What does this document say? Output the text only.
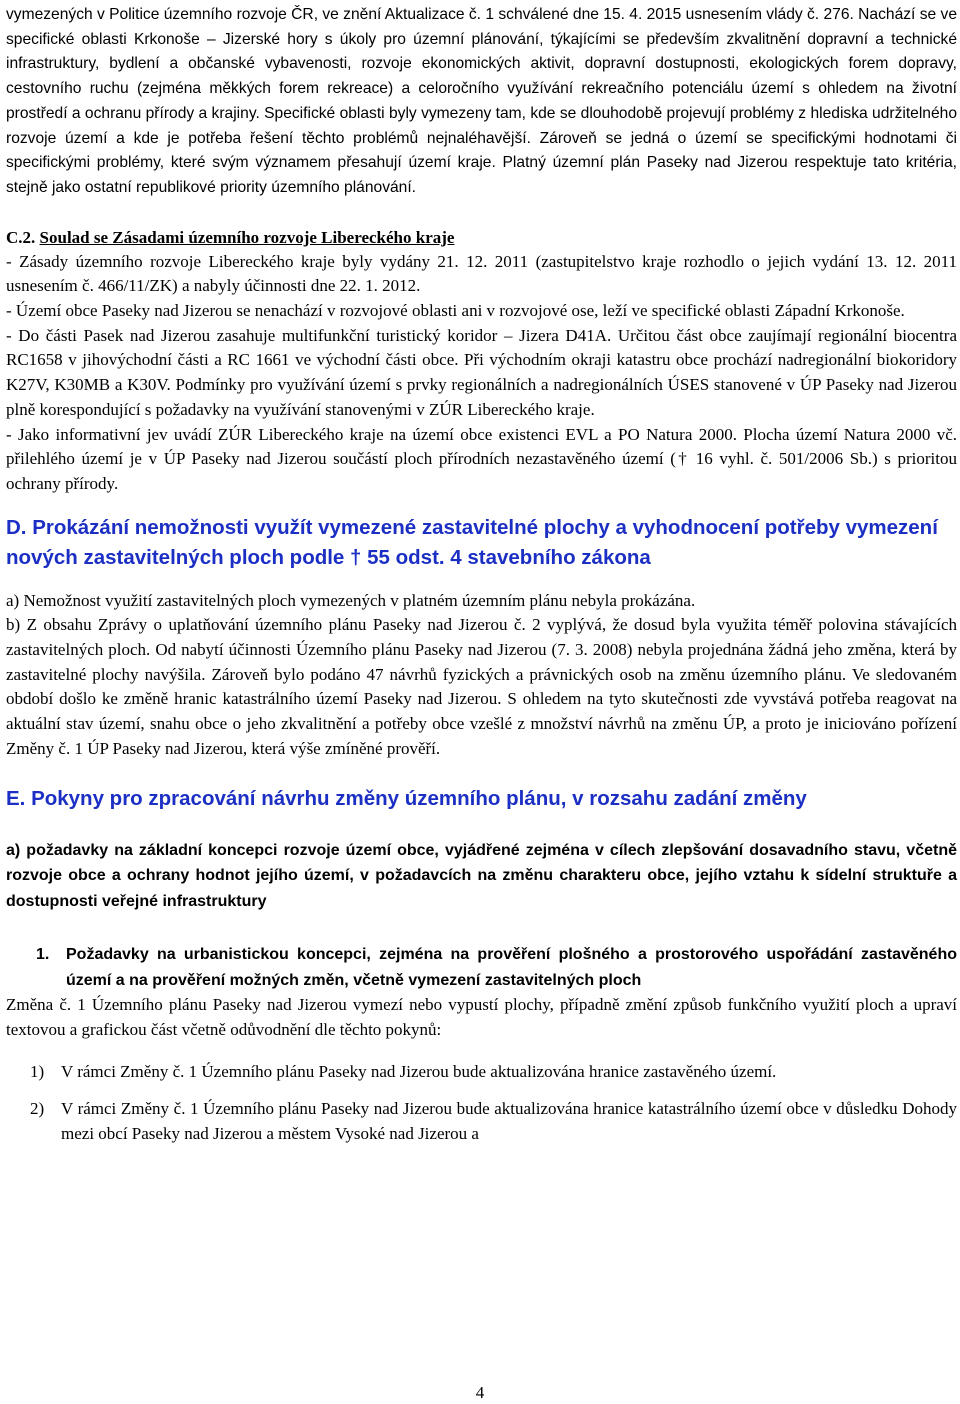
vymezených v Politice územního rozvoje ČR, ve znění Aktualizace č. 1 schválené dne 15. 4. 2015 usnesením vlády č. 276. Nachází se ve specifické oblasti Krkonoše – Jizerské hory s úkoly pro územní plánování, týkajícími se především zkvalitnění dopravní a technické infrastruktury, bydlení a občanské vybavenosti, rozvoje ekonomických aktivit, dopravní dostupnosti, ekologických forem dopravy, cestovního ruchu (zejména měkkých forem rekreace) a celoročního využívání rekreačního potenciálu území s ohledem na životní prostředí a ochranu přírody a krajiny. Specifické oblasti byly vymezeny tam, kde se dlouhodobě projevují problémy z hlediska udržitelného rozvoje území a kde je potřeba řešení těchto problémů nejnaléhavější. Zároveň se jedná o území se specifickými hodnotami či specifickými problémy, které svým významem přesahují území kraje. Platný územní plán Paseky nad Jizerou respektuje tato kritéria, stejně jako ostatní republikové priority územního plánování.

C.2. Soulad se Zásadami územního rozvoje Libereckého kraje

- Zásady územního rozvoje Libereckého kraje byly vydány 21. 12. 2011 (zastupitelstvo kraje rozhodlo o jejich vydání 13. 12. 2011 usnesením č. 466/11/ZK) a nabyly účinnosti dne 22. 1. 2012.

- Území obce Paseky nad Jizerou se nenachází v rozvojové oblasti ani v rozvojové ose, leží ve specifické oblasti Západní Krkonoše.

- Do části Pasek nad Jizerou zasahuje multifunkční turistický koridor – Jizera D41A. Určitou část obce zaujímají regionální biocentra RC1658 v jihovýchodní části a RC 1661 ve východní části obce. Při východním okraji katastru obce prochází nadregionální biokoridory K27V, K30MB a K30V. Podmínky pro využívání území s prvky regionálních a nadregionálních ÚSES stanovené v ÚP Paseky nad Jizerou plně korespondující s požadavky na využívání stanovenými v ZÚR Libereckého kraje.

- Jako informativní jev uvádí ZÚR Libereckého kraje na území obce existenci EVL a PO Natura 2000. Plocha území Natura 2000 vč. přilehlého území je v ÚP Paseky nad Jizerou součástí ploch přírodních nezastavěného území († 16 vyhl. č. 501/2006 Sb.) s prioritou ochrany přírody.

D. Prokázání nemožnosti využít vymezené zastavitelné plochy a vyhodnocení potřeby vymezení nových zastavitelných ploch podle † 55 odst. 4 stavebního zákona

a) Nemožnost využití zastavitelných ploch vymezených v platném územním plánu nebyla prokázána.

b) Z obsahu Zprávy o uplatňování územního plánu Paseky nad Jizerou č. 2 vyplývá, že dosud byla využita téměř polovina stávajících zastavitelných ploch. Od nabytí účinnosti Územního plánu Paseky nad Jizerou (7. 3. 2008) nebyla projednána žádná jeho změna, která by zastavitelné plochy navýšila. Zároveň bylo podáno 47 návrhů fyzických a právnických osob na změnu územního plánu. Ve sledovaném období došlo ke změně hranic katastrálního území Paseky nad Jizerou. S ohledem na tyto skutečnosti zde vyvstává potřeba reagovat na aktuální stav území, snahu obce o jeho zkvalitnění a potřeby obce vzešlé z množství návrhů na změnu ÚP, a proto je iniciováno pořízení Změny č. 1 ÚP Paseky nad Jizerou, která výše zmíněné prověří.

E. Pokyny pro zpracování návrhu změny územního plánu, v rozsahu zadání změny

a) požadavky na základní koncepci rozvoje území obce, vyjádřené zejména v cílech zlepšování dosavadního stavu, včetně rozvoje obce a ochrany hodnot jejího území, v požadavcích na změnu charakteru obce, jejího vztahu k sídelní struktuře a dostupnosti veřejné infrastruktury

1. Požadavky na urbanistickou koncepci, zejména na prověření plošného a prostorového uspořádání zastavěného území a na prověření možných změn, včetně vymezení zastavitelných ploch

Změna č. 1 Územního plánu Paseky nad Jizerou vymezí nebo vypustí plochy, případně změní způsob funkčního využití ploch a upraví textovou a grafickou část včetně odůvodnění dle těchto pokynů:

1) V rámci Změny č. 1 Územního plánu Paseky nad Jizerou bude aktualizována hranice zastavěného území.
2) V rámci Změny č. 1 Územního plánu Paseky nad Jizerou bude aktualizována hranice katastrálního území obce v důsledku Dohody mezi obcí Paseky nad Jizerou a městem Vysoké nad Jizerou a
4
